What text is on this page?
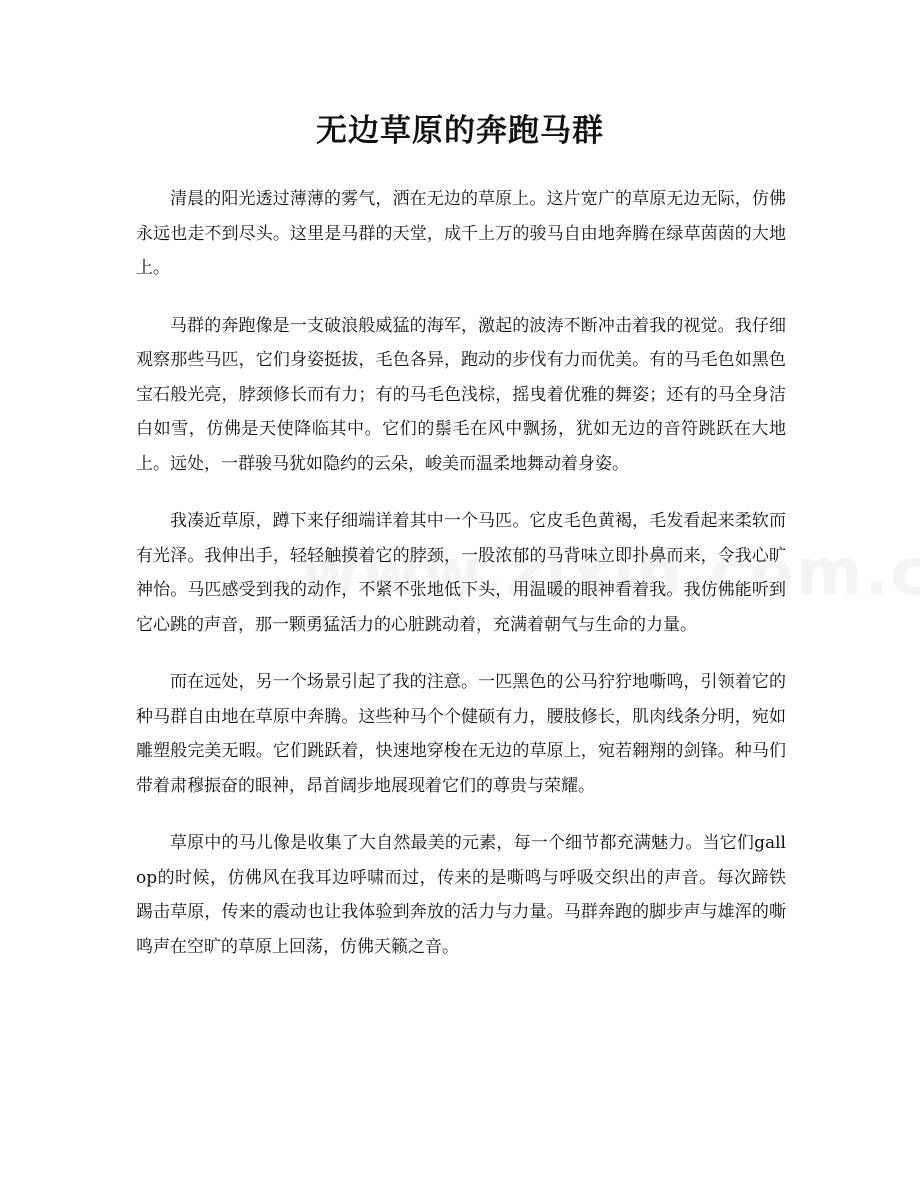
无边草原的奔跑马群

清晨的阳光透过薄薄的雾气，洒在无边的草原上。这片宽广的草原无边无际，仿佛永远也走不到尽头。这里是马群的天堂，成千上万的骏马自由地奔腾在绿草茵茵的大地上。

马群的奔跑像是一支破浪般威猛的海军，激起的波涛不断冲击着我的视觉。我仔细观察那些马匹，它们身姿挺拔，毛色各异，跑动的步伐有力而优美。有的马毛色如黑色宝石般光亮，脖颈修长而有力；有的马毛色浅棕，摇曳着优雅的舞姿；还有的马全身洁白如雪，仿佛是天使降临其中。它们的鬃毛在风中飘扬，犹如无边的音符跳跃在大地上。远处，一群骏马犹如隐约的云朵，峻美而温柔地舞动着身姿。

我凑近草原，蹲下来仔细端详着其中一个马匹。它皮毛色黄褐，毛发看起来柔软而有光泽。我伸出手，轻轻触摸着它的脖颈，一股浓郁的马背味立即扑鼻而来，令我心旷神怡。马匹感受到我的动作，不紧不张地低下头，用温暖的眼神看着我。我仿佛能听到它心跳的声音，那一颗勇猛活力的心脏跳动着，充满着朝气与生命的力量。

而在远处，另一个场景引起了我的注意。一匹黑色的公马狞狞地嘶鸣，引领着它的种马群自由地在草原中奔腾。这些种马个个健硕有力，腰肢修长，肌肉线条分明，宛如雕塑般完美无暇。它们跳跃着，快速地穿梭在无边的草原上，宛若翱翔的剑锋。种马们带着肃穆振奋的眼神，昂首阔步地展现着它们的尊贵与荣耀。

草原中的马儿像是收集了大自然最美的元素，每一个细节都充满魅力。当它们gallop的时候，仿佛风在我耳边呼啸而过，传来的是嘶鸣与呼吸交织出的声音。每次蹄铁踢击草原，传来的震动也让我体验到奔放的活力与力量。马群奔跑的脚步声与雄浑的嘶鸣声在空旷的草原上回荡，仿佛天籁之音。
